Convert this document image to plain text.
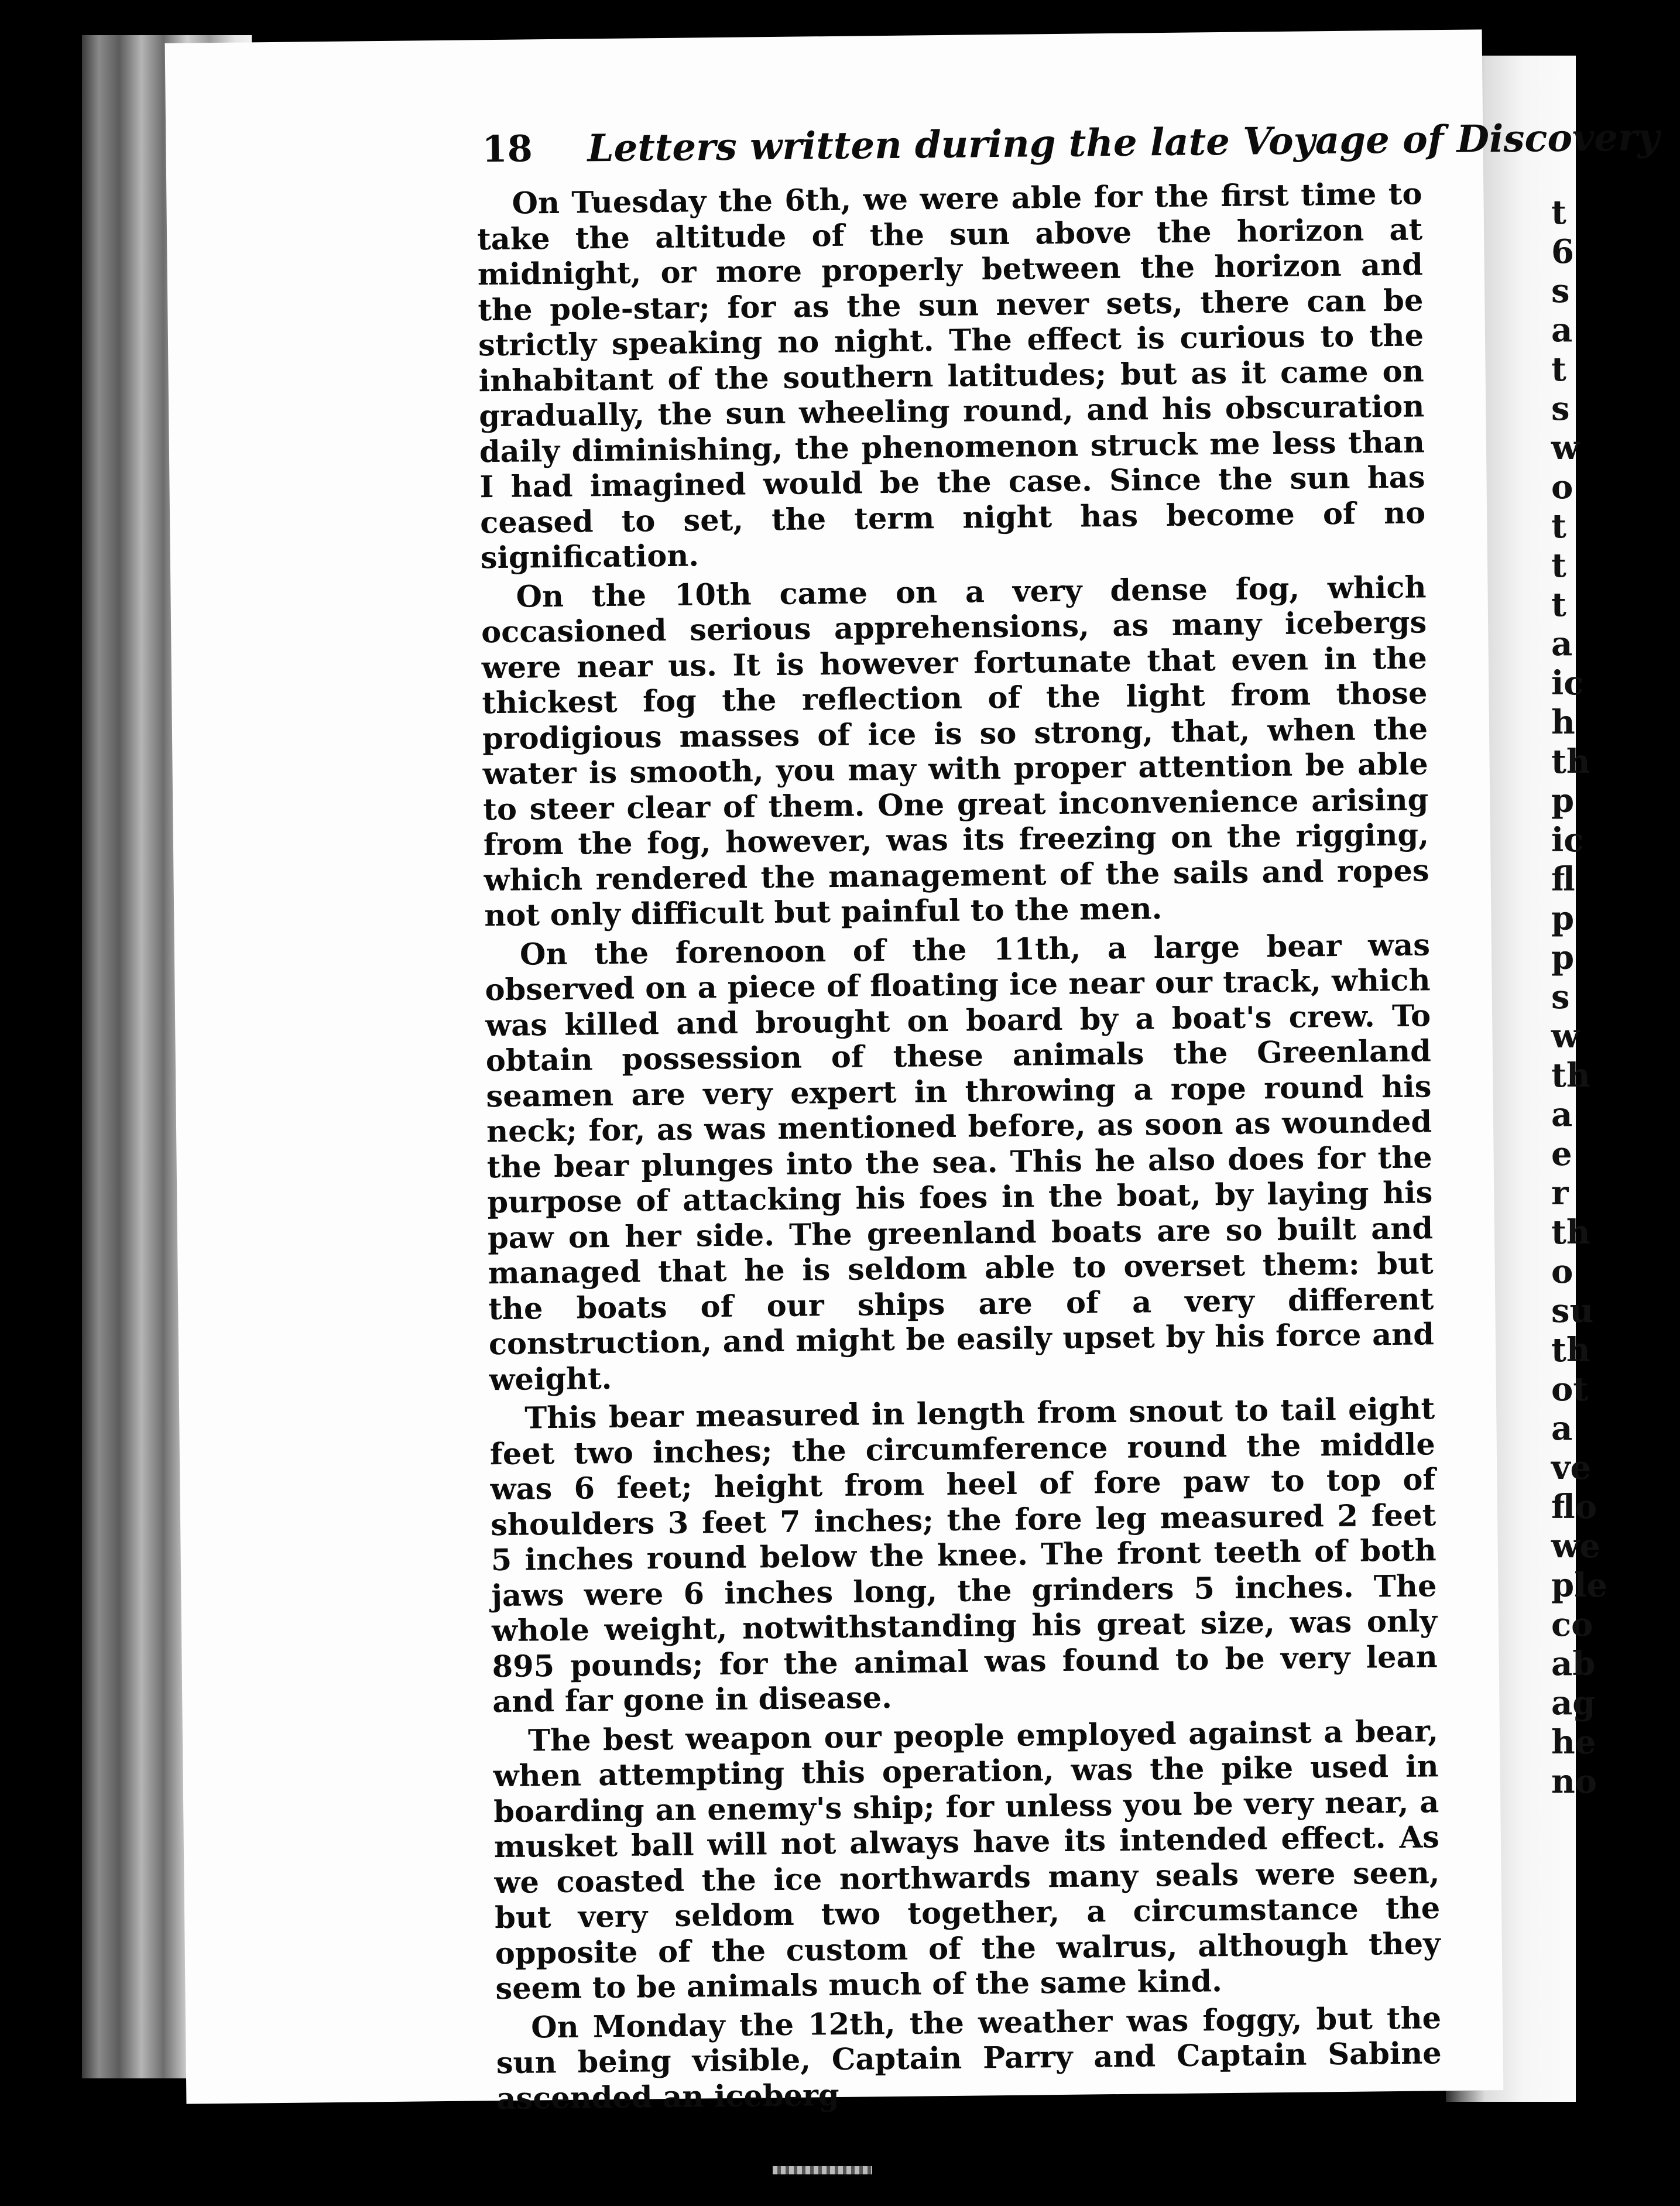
t
6
s
a
t
s
w
o
t
t
t
a
ic
h
th
p
ic
fl
p
p
s
w
th
a
e
r
th
o
su
th
ot
a
ve
flo
we
ple
co
ab
ag
he
no
18 Letters written during the late Voyage of Discovery

On Tuesday the 6th, we were able for the first time to take the altitude of the sun above the horizon at midnight, or more properly between the horizon and the pole-star; for as the sun never sets, there can be strictly speaking no night. The effect is curious to the inhabitant of the southern latitudes; but as it came on gradually, the sun wheeling round, and his obscuration daily diminishing, the phenomenon struck me less than I had imagined would be the case. Since the sun has ceased to set, the term night has become of no signification.

On the 10th came on a very dense fog, which occasioned serious apprehensions, as many icebergs were near us. It is however fortunate that even in the thickest fog the reflection of the light from those prodigious masses of ice is so strong, that, when the water is smooth, you may with proper attention be able to steer clear of them. One great inconvenience arising from the fog, however, was its freezing on the rigging, which rendered the management of the sails and ropes not only difficult but painful to the men.

On the forenoon of the 11th, a large bear was observed on a piece of floating ice near our track, which was killed and brought on board by a boat's crew. To obtain possession of these animals the Greenland seamen are very expert in throwing a rope round his neck; for, as was mentioned before, as soon as wounded the bear plunges into the sea. This he also does for the purpose of attacking his foes in the boat, by laying his paw on her side. The greenland boats are so built and managed that he is seldom able to overset them: but the boats of our ships are of a very different construction, and might be easily upset by his force and weight.

This bear measured in length from snout to tail eight feet two inches; the circumference round the middle was 6 feet; height from heel of fore paw to top of shoulders 3 feet 7 inches; the fore leg measured 2 feet 5 inches round below the knee. The front teeth of both jaws were 6 inches long, the grinders 5 inches. The whole weight, notwithstanding his great size, was only 895 pounds; for the animal was found to be very lean and far gone in disease.

The best weapon our people employed against a bear, when attempting this operation, was the pike used in boarding an enemy's ship; for unless you be very near, a musket ball will not always have its intended effect. As we coasted the ice northwards many seals were seen, but very seldom two together, a circumstance the opposite of the custom of the walrus, although they seem to be animals much of the same kind.

On Monday the 12th, the weather was foggy, but the sun being visible, Captain Parry and Captain Sabine ascended an iceberg
